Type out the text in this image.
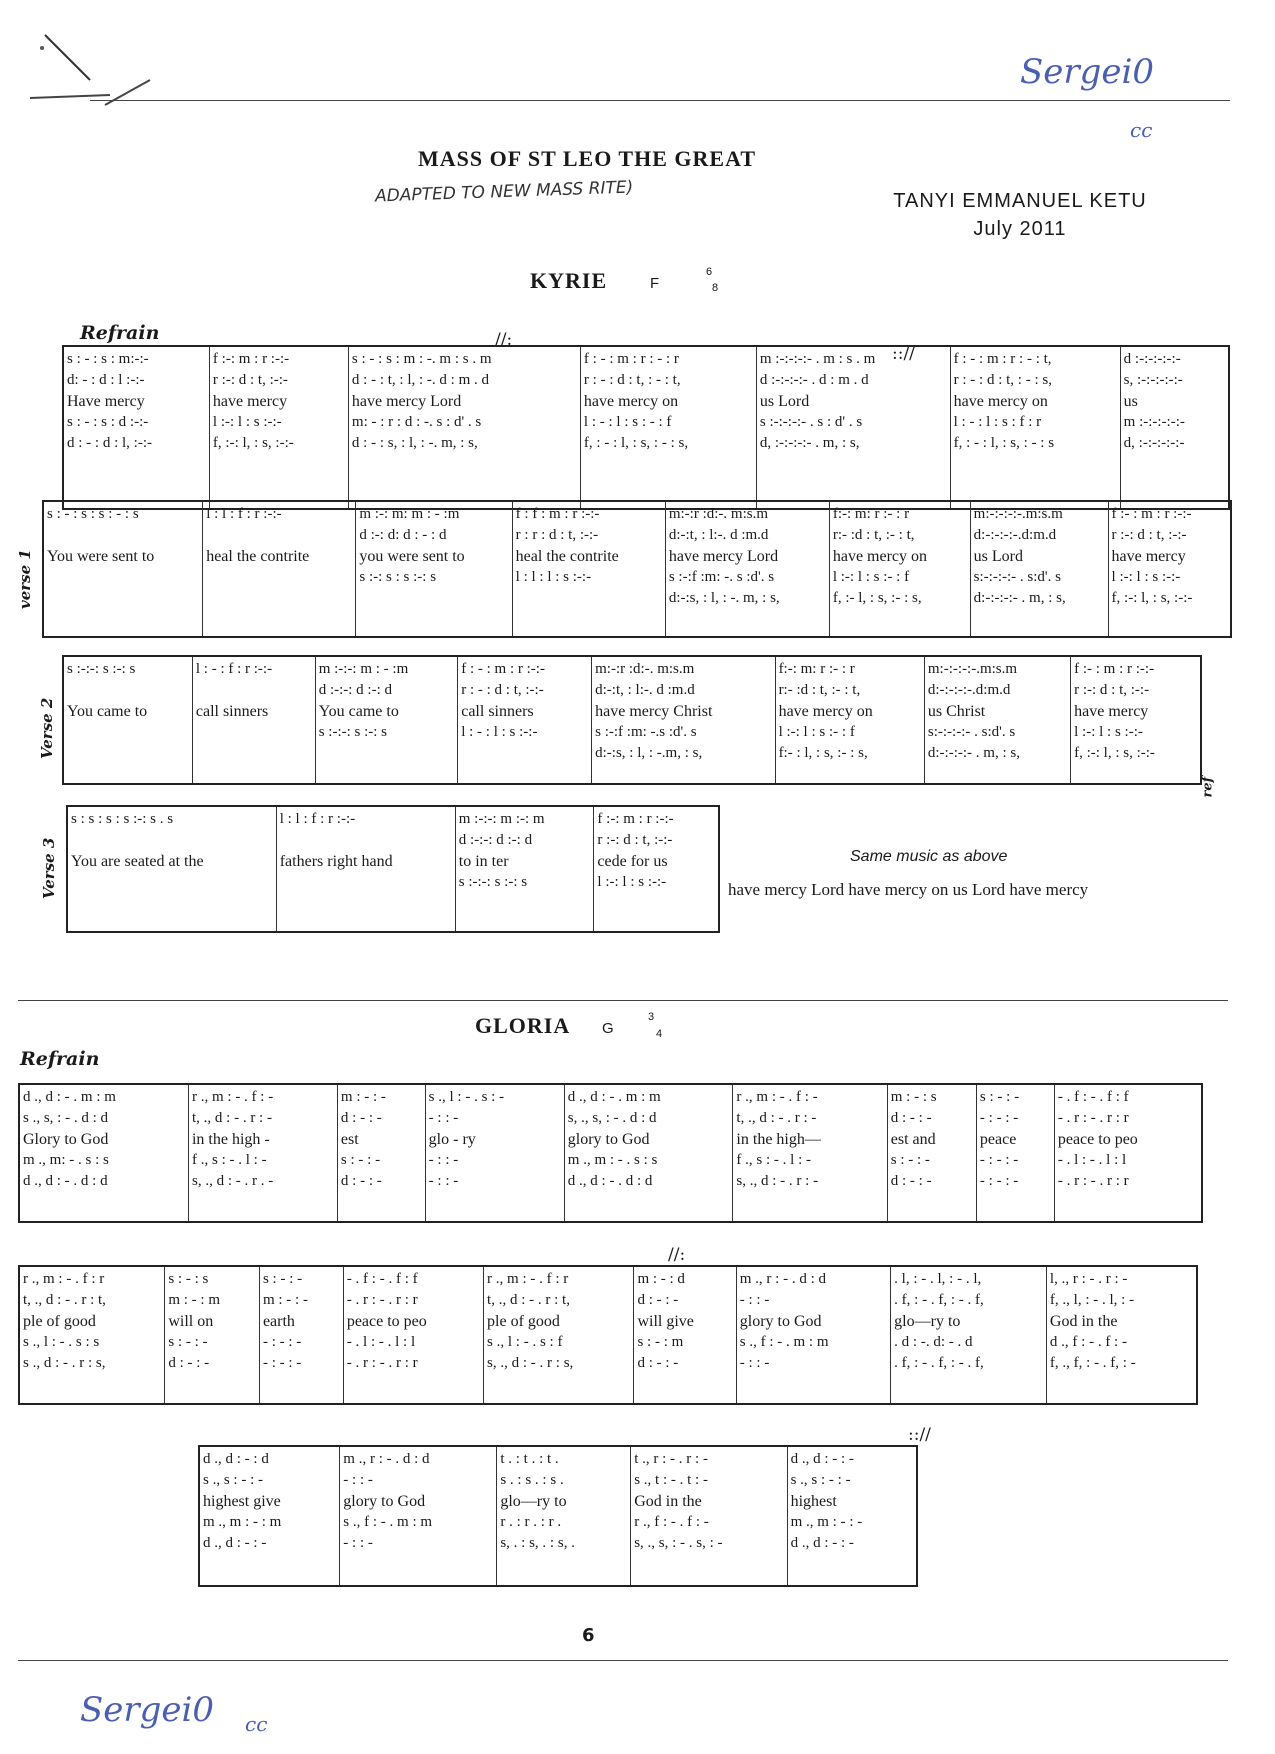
Sergei0
cc
MASS OF ST LEO THE GREAT
ADAPTED TO NEW MASS RITE)	TANYI EMMANUEL KETU
July 2011
KYRIE	F
6
8
Refrain	//:
:://
s : - : s : m:-:-
d: - : d : l :-:-
Have mercy
s : - : s : d :-:-
d : - : d : l, :-:-

f :-: m : r :-:-
r :-: d : t, :-:-
have mercy
l :-: l : s :-:-
f, :-: l, : s, :-:-

s : - : s : m : -. m : s . m
d : - : t, : l, : -. d : m . d
have mercy Lord
m: - : r : d : -. s : d' . s
d : - : s, : l, : -. m, : s,

f : - : m : r : - : r
r : - : d : t, : - : t,
have mercy on
l : - : l : s : - : f
f, : - : l, : s, : - : s,

m :-:-:-:- . m : s . m
d :-:-:-:- . d : m . d
us Lord
s :-:-:-:- . s : d' . s
d, :-:-:-:- . m, : s,

f : - : m : r : - : t,
r : - : d : t, : - : s,
have mercy on
l : - : l : s : f : r
f, : - : l, : s, : - : s

d :-:-:-:-:-
s, :-:-:-:-:-
us
m :-:-:-:-:-
d, :-:-:-:-:-
verse 1
s : - : s : s : - : s
You were sent to

l : l : f : r :-:-
heal the contrite

m :-: m: m : - :m
d :-: d: d : - : d
you were sent to
s :-: s : s :-: s

f : f : m : r :-:-
r : r : d : t, :-:-
heal the contrite
l : l : l : s :-:-

m:-:r :d:-. m:s.m
d:-:t, : l:-. d :m.d
have mercy Lord
s :-:f :m: -. s :d'. s
d:-:s, : l, : -. m, : s,

f:-: m: r :- : r
r:- :d : t, :- : t,
have mercy on
l :-: l : s :- : f
f, :- l, : s, :- : s,

m:-:-:-:-.m:s.m
d:-:-:-:-.d:m.d
us Lord
s:-:-:-:- . s:d'. s
d:-:-:-:- . m, : s,

f :- : m : r :-:-
r :-: d : t, :-:-
have mercy
l :-: l : s :-:-
f, :-: l, : s, :-:-
Verse 2
s :-:-: s :-: s
You came to

l : - : f : r :-:-
call sinners

m :-:-: m : - :m
d :-:-: d :-: d
You came to
s :-:-: s :-: s

f : - : m : r :-:-
r : - : d : t, :-:-
call sinners
l : - : l : s :-:-

m:-:r :d:-. m:s.m
d:-:t, : l:-. d :m.d
have mercy Christ
s :-:f :m: -.s :d'. s
d:-:s, : l, : -.m, : s,

f:-: m: r :- : r
r:- :d : t, :- : t,
have mercy on
l :-: l : s :- : f
f:- : l, : s, :- : s,

m:-:-:-:-.m:s.m
d:-:-:-:-.d:m.d
us Christ
s:-:-:-:- . s:d'. s
d:-:-:-:- . m, : s,

f :- : m : r :-:-
r :-: d : t, :-:-
have mercy
l :-: l : s :-:-
f, :-: l, : s, :-:-
ref
Verse 3
s : s : s : s :-: s . s
You are seated at the

l : l : f : r :-:-
fathers right hand

m :-:-: m :-: m
d :-:-: d :-: d
to in ter
s :-:-: s :-: s

f :-: m : r :-:-
r :-: d : t, :-:-
cede for us
l :-: l : s :-:-
Same music as above
have mercy Lord have mercy on us Lord have mercy
GLORIA G
3
4
Refrain
d ., d : - . m : m
s ., s, : - . d : d
Glory to God
m ., m: - . s : s
d ., d : - . d : d

r ., m : - . f : -
t, ., d : - . r : -
in the high -
f ., s : - . l : -
s, ., d : - . r . -

m : - : -
d : - : -
est
s : - : -
d : - : -

s ., l : - . s : -
- : : -
glo - ry
- : : -
- : : -

d ., d : - . m : m
s, ., s, : - . d : d
glory to God
m ., m : - . s : s
d ., d : - . d : d

r ., m : - . f : -
t, ., d : - . r : -
in the high—
f ., s : - . l : -
s, ., d : - . r : -

m : - : s
d : - : -
est and
s : - : -
d : - : -

s : - : -
- : - : -
peace
- : - : -
- : - : -

- . f : - . f : f
- . r : - . r : r
peace to peo
- . l : - . l : l
- . r : - . r : r
//:
r ., m : - . f : r
t, ., d : - . r : t,
ple of good
s ., l : - . s : s
s ., d : - . r : s,

s : - : s
m : - : m
will on
s : - : -
d : - : -

s : - : -
m : - : -
earth
- : - : -
- : - : -

- . f : - . f : f
- . r : - . r : r
peace to peo
- . l : - . l : l
- . r : - . r : r

r ., m : - . f : r
t, ., d : - . r : t,
ple of good
s ., l : - . s : f
s, ., d : - . r : s,

m : - : d
d : - : -
will give
s : - : m
d : - : -

m ., r : - . d : d
- : : -
glory to God
s ., f : - . m : m
- : : -

. l, : - . l, : - . l,
. f, : - . f, : - . f,
glo—ry to
. d : -. d: - . d
. f, : - . f, : - . f,

l, ., r : - . r : -
f, ., l, : - . l, : -
God in the
d ., f : - . f : -
f, ., f, : - . f, : -
:://
d ., d : - : d
s ., s : - : -
highest give
m ., m : - : m
d ., d : - : -

m ., r : - . d : d
- : : -
glory to God
s ., f : - . m : m
- : : -

t . : t . : t .
s . : s . : s .
glo—ry to
r . : r . : r .
s, . : s, . : s, .

t ., r : - . r : -
s ., t : - . t : -
God in the
r ., f : - . f : -
s, ., s, : - . s, : -

d ., d : - : -
s ., s : - : -
highest
m ., m : - : -
d ., d : - : -
6
Sergei0 cc
